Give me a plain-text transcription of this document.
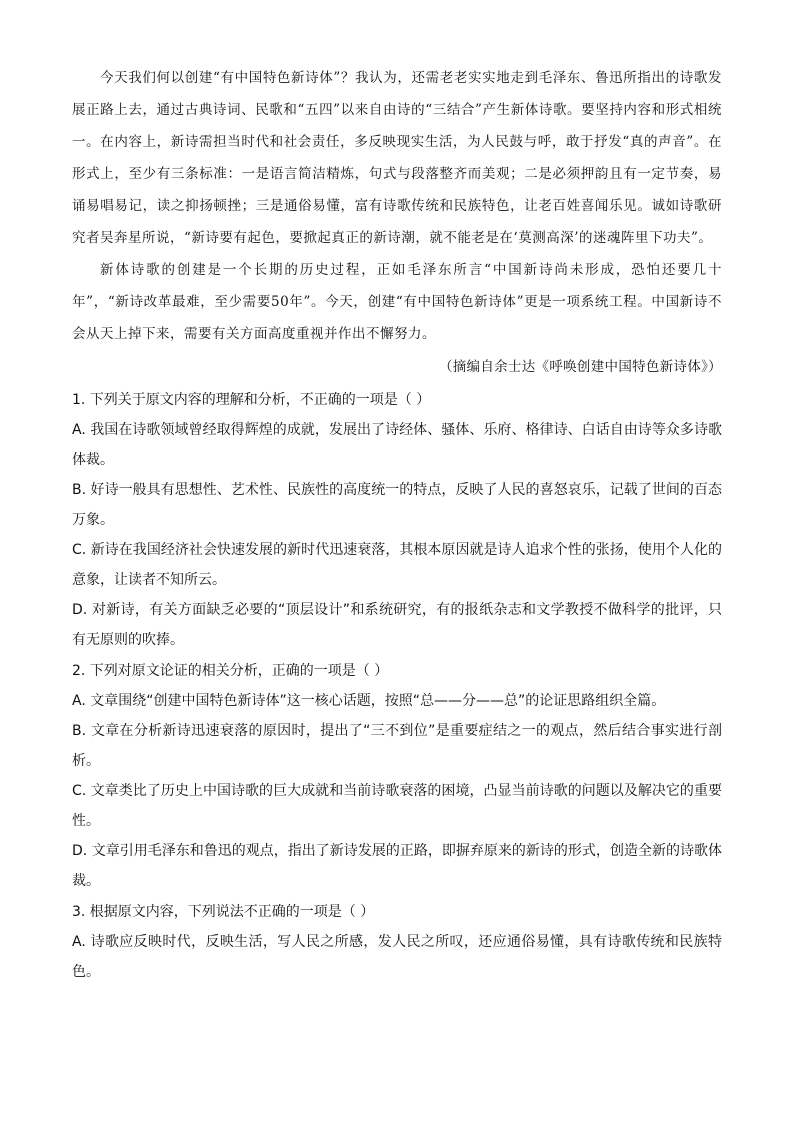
今天我们何以创建“有中国特色新诗体”？我认为，还需老老实实地走到毛泽东、鲁迅所指出的诗歌发展正路上去，通过古典诗词、民歌和“五四”以来自由诗的“三结合”产生新体诗歌。要坚持内容和形式相统一。在内容上，新诗需担当时代和社会责任，多反映现实生活，为人民鼓与呼，敢于抒发“真的声音”。在形式上，至少有三条标准：一是语言简洁精炼，句式与段落整齐而美观；二是必须押韵且有一定节奏，易诵易唱易记，读之抑扬顿挫；三是通俗易懂，富有诗歌传统和民族特色，让老百姓喜闻乐见。诚如诗歌研究者吴奔星所说，“新诗要有起色，要掀起真正的新诗潮，就不能老是在‘莫测高深’的迷魂阵里下功夫”。

新体诗歌的创建是一个长期的历史过程，正如毛泽东所言“中国新诗尚未形成，恐怕还要几十年”，“新诗改革最难，至少需要50年”。今天，创建“有中国特色新诗体”更是一项系统工程。中国新诗不会从天上掉下来，需要有关方面高度重视并作出不懈努力。

（摘编自余士达《呼唤创建中国特色新诗体》）

1. 下列关于原文内容的理解和分析，不正确的一项是（ ）

A. 我国在诗歌领域曾经取得辉煌的成就，发展出了诗经体、骚体、乐府、格律诗、白话自由诗等众多诗歌体裁。

B. 好诗一般具有思想性、艺术性、民族性的高度统一的特点，反映了人民的喜怒哀乐，记载了世间的百态万象。

C. 新诗在我国经济社会快速发展的新时代迅速衰落，其根本原因就是诗人追求个性的张扬，使用个人化的意象，让读者不知所云。

D. 对新诗，有关方面缺乏必要的“顶层设计”和系统研究，有的报纸杂志和文学教授不做科学的批评，只有无原则的吹捧。

2. 下列对原文论证的相关分析，正确的一项是（ ）

A. 文章围绕“创建中国特色新诗体”这一核心话题，按照“总——分——总”的论证思路组织全篇。

B. 文章在分析新诗迅速衰落的原因时，提出了“三不到位”是重要症结之一的观点，然后结合事实进行剖析。

C. 文章类比了历史上中国诗歌的巨大成就和当前诗歌衰落的困境，凸显当前诗歌的问题以及解决它的重要性。

D. 文章引用毛泽东和鲁迅的观点，指出了新诗发展的正路，即摒弃原来的新诗的形式，创造全新的诗歌体裁。

3. 根据原文内容，下列说法不正确的一项是（ ）

A. 诗歌应反映时代，反映生活，写人民之所感，发人民之所叹，还应通俗易懂，具有诗歌传统和民族特色。
